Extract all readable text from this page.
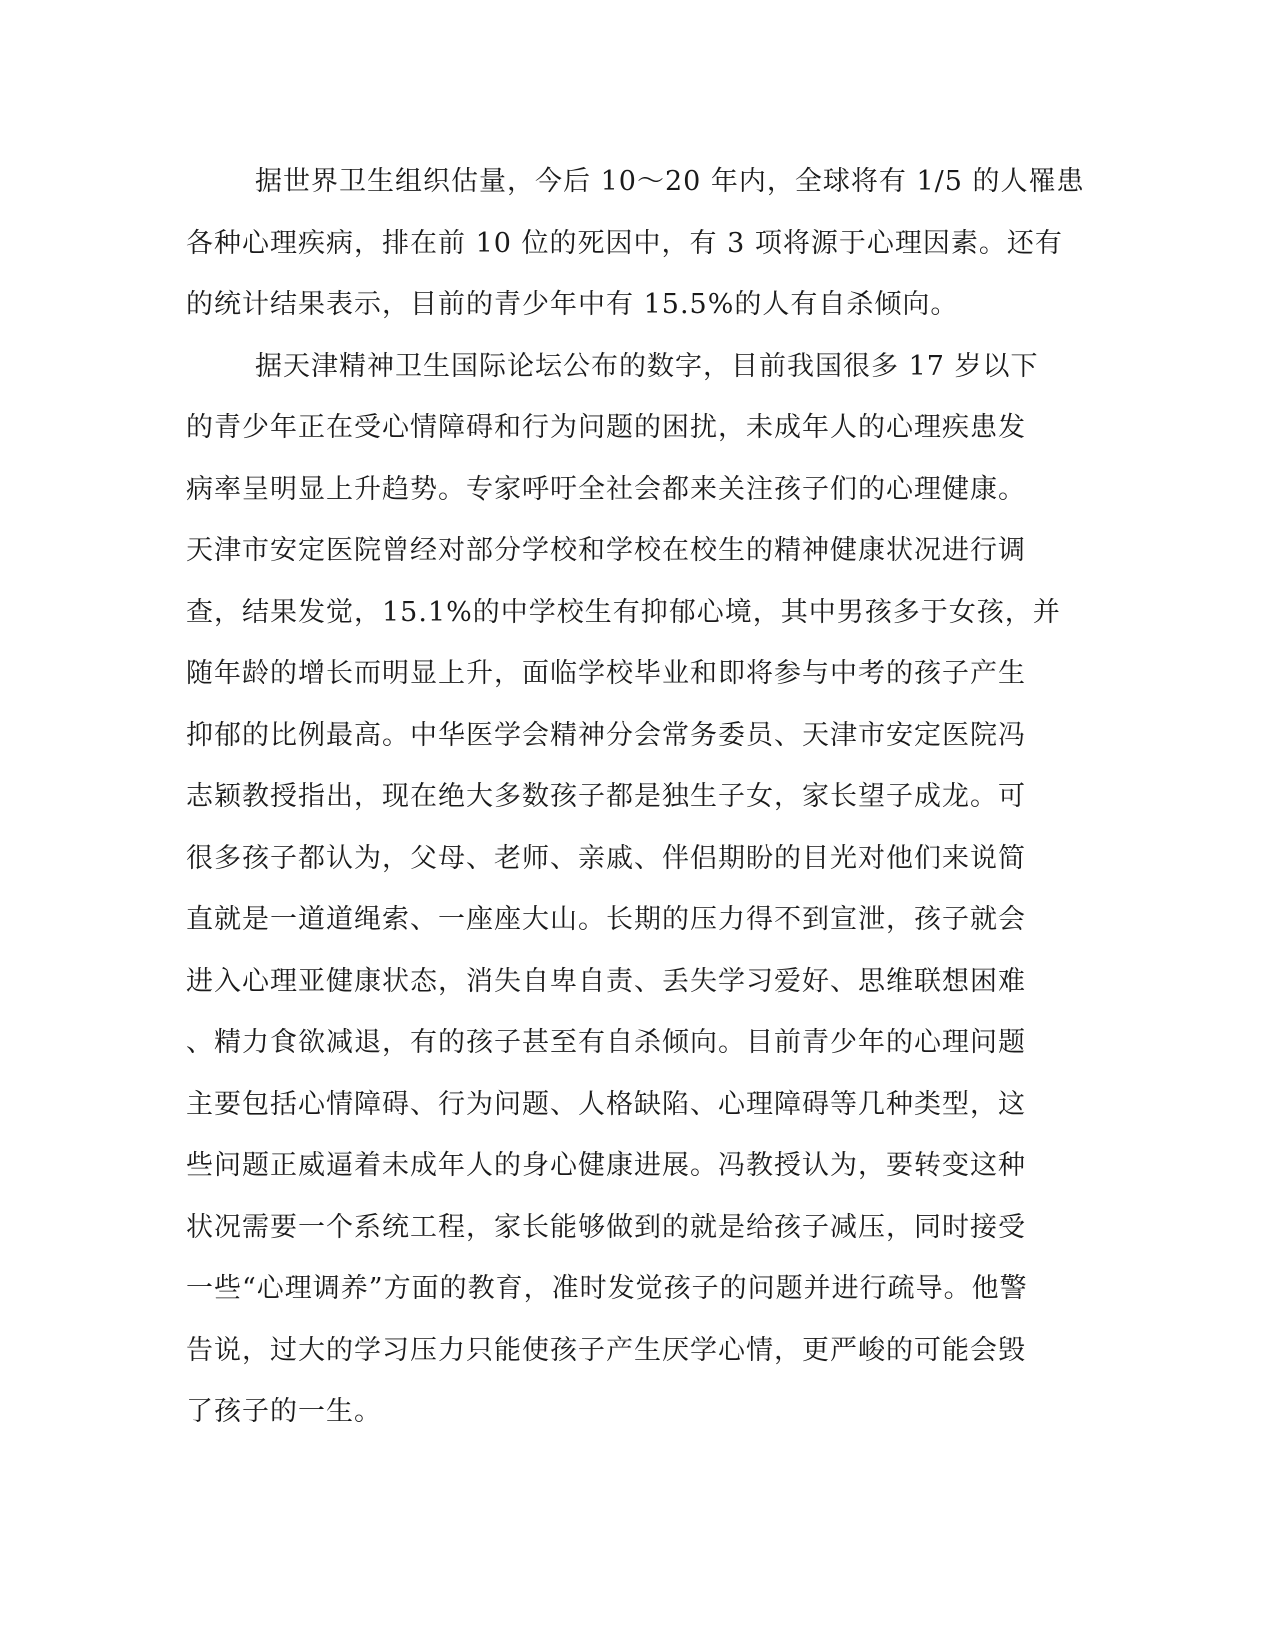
据世界卫生组织估量，今后 10～20 年内，全球将有 1/5 的人罹患
各种心理疾病，排在前 10 位的死因中，有 3 项将源于心理因素。还有
的统计结果表示，目前的青少年中有 15.5%的人有自杀倾向。
据天津精神卫生国际论坛公布的数字，目前我国很多 17 岁以下
的青少年正在受心情障碍和行为问题的困扰，未成年人的心理疾患发
病率呈明显上升趋势。专家呼吁全社会都来关注孩子们的心理健康。
天津市安定医院曾经对部分学校和学校在校生的精神健康状况进行调
查，结果发觉，15.1%的中学校生有抑郁心境，其中男孩多于女孩，并
随年龄的增长而明显上升，面临学校毕业和即将参与中考的孩子产生
抑郁的比例最高。中华医学会精神分会常务委员、天津市安定医院冯
志颖教授指出，现在绝大多数孩子都是独生子女，家长望子成龙。可
很多孩子都认为，父母、老师、亲戚、伴侣期盼的目光对他们来说简
直就是一道道绳索、一座座大山。长期的压力得不到宣泄，孩子就会
进入心理亚健康状态，消失自卑自责、丢失学习爱好、思维联想困难
、精力食欲减退，有的孩子甚至有自杀倾向。目前青少年的心理问题
主要包括心情障碍、行为问题、人格缺陷、心理障碍等几种类型，这
些问题正威逼着未成年人的身心健康进展。冯教授认为，要转变这种
状况需要一个系统工程，家长能够做到的就是给孩子减压，同时接受
一些“心理调养”方面的教育，准时发觉孩子的问题并进行疏导。他警
告说，过大的学习压力只能使孩子产生厌学心情，更严峻的可能会毁
了孩子的一生。
